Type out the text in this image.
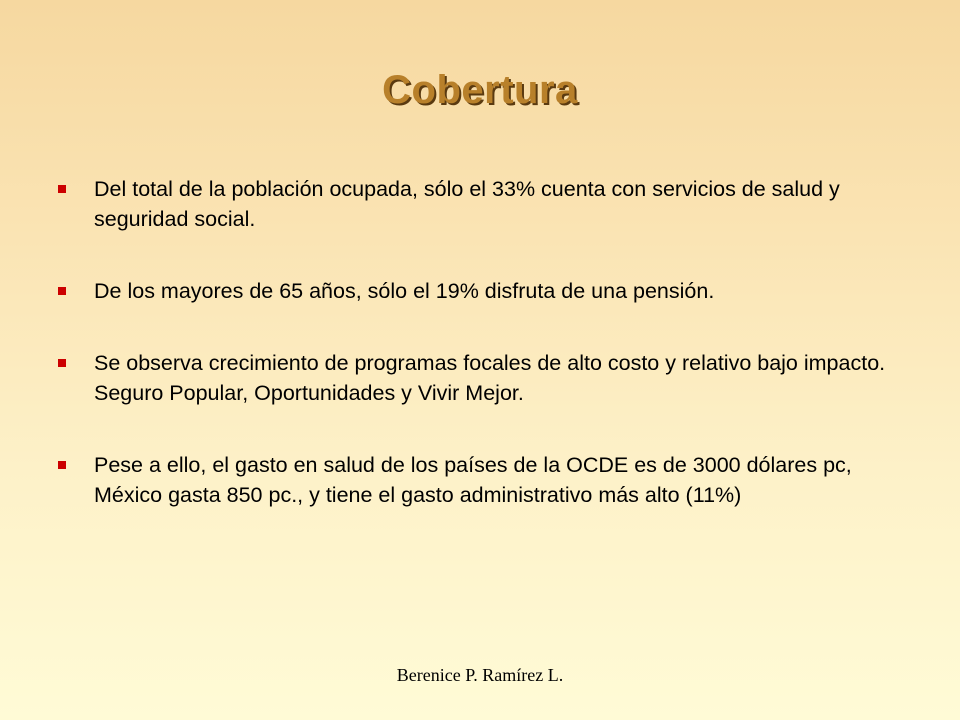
Cobertura
Del total de la población ocupada, sólo el 33% cuenta con servicios de salud y seguridad social.
De los mayores de 65 años, sólo el 19% disfruta de una pensión.
Se observa crecimiento de programas focales de alto costo y relativo bajo impacto. Seguro Popular, Oportunidades y Vivir Mejor.
Pese a ello, el gasto en salud de los países de la OCDE es de 3000 dólares pc, México gasta 850 pc., y tiene el gasto administrativo más alto (11%)
Berenice P. Ramírez L.
